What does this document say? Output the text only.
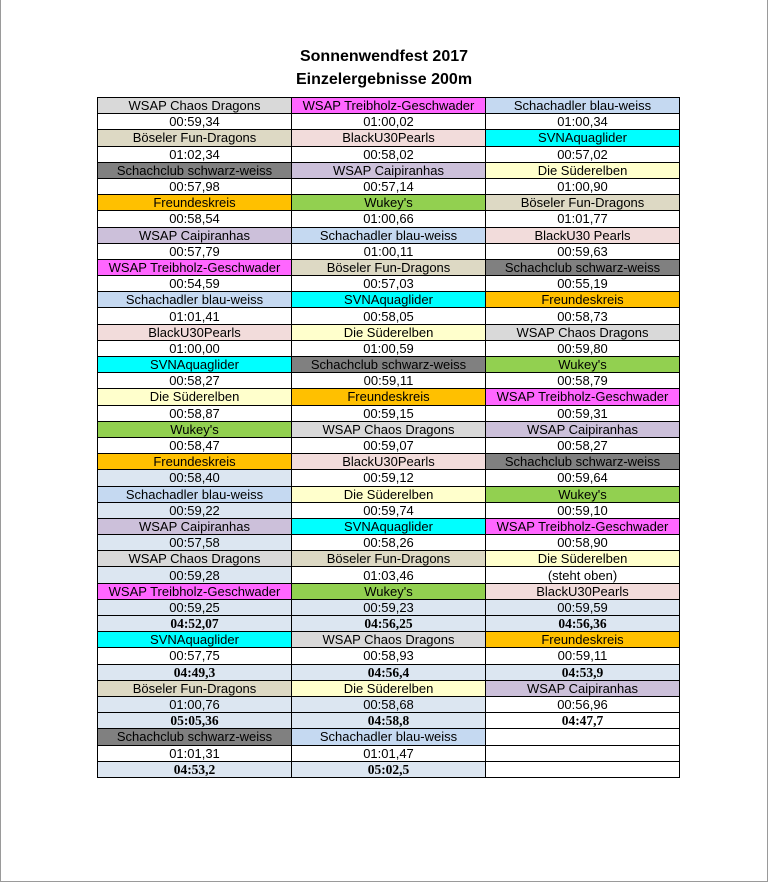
Sonnenwendfest 2017
Einzelergebnisse 200m
WSAP Chaos Dragons	WSAP Treibholz-Geschwader	Schachadler blau-weiss
00:59,34	01:00,02	01:00,34
Böseler Fun-Dragons	BlackU30Pearls	SVNAquaglider
01:02,34	00:58,02	00:57,02
Schachclub schwarz-weiss	WSAP Caipiranhas	Die Süderelben
00:57,98	00:57,14	01:00,90
Freundeskreis	Wukey's	Böseler Fun-Dragons
00:58,54	01:00,66	01:01,77
WSAP Caipiranhas	Schachadler blau-weiss	BlackU30 Pearls
00:57,79	01:00,11	00:59,63
WSAP Treibholz-Geschwader	Böseler Fun-Dragons	Schachclub schwarz-weiss
00:54,59	00:57,03	00:55,19
Schachadler blau-weiss	SVNAquaglider	Freundeskreis
01:01,41	00:58,05	00:58,73
BlackU30Pearls	Die Süderelben	WSAP Chaos Dragons
01:00,00	01:00,59	00:59,80
SVNAquaglider	Schachclub schwarz-weiss	Wukey's
00:58,27	00:59,11	00:58,79
Die Süderelben	Freundeskreis	WSAP Treibholz-Geschwader
00:58,87	00:59,15	00:59,31
Wukey's	WSAP Chaos Dragons	WSAP Caipiranhas
00:58,47	00:59,07	00:58,27
Freundeskreis	BlackU30Pearls	Schachclub schwarz-weiss
00:58,40	00:59,12	00:59,64
Schachadler blau-weiss	Die Süderelben	Wukey's
00:59,22	00:59,74	00:59,10
WSAP Caipiranhas	SVNAquaglider	WSAP Treibholz-Geschwader
00:57,58	00:58,26	00:58,90
WSAP Chaos Dragons	Böseler Fun-Dragons	Die Süderelben
00:59,28	01:03,46	(steht oben)
WSAP Treibholz-Geschwader	Wukey's	BlackU30Pearls
00:59,25	00:59,23	00:59,59
04:52,07	04:56,25	04:56,36
SVNAquaglider	WSAP Chaos Dragons	Freundeskreis
00:57,75	00:58,93	00:59,11
04:49,3	04:56,4	04:53,9
Böseler Fun-Dragons	Die Süderelben	WSAP Caipiranhas
01:00,76	00:58,68	00:56,96
05:05,36	04:58,8	04:47,7
Schachclub schwarz-weiss	Schachadler blau-weiss	
01:01,31	01:01,47	
04:53,2	05:02,5	
